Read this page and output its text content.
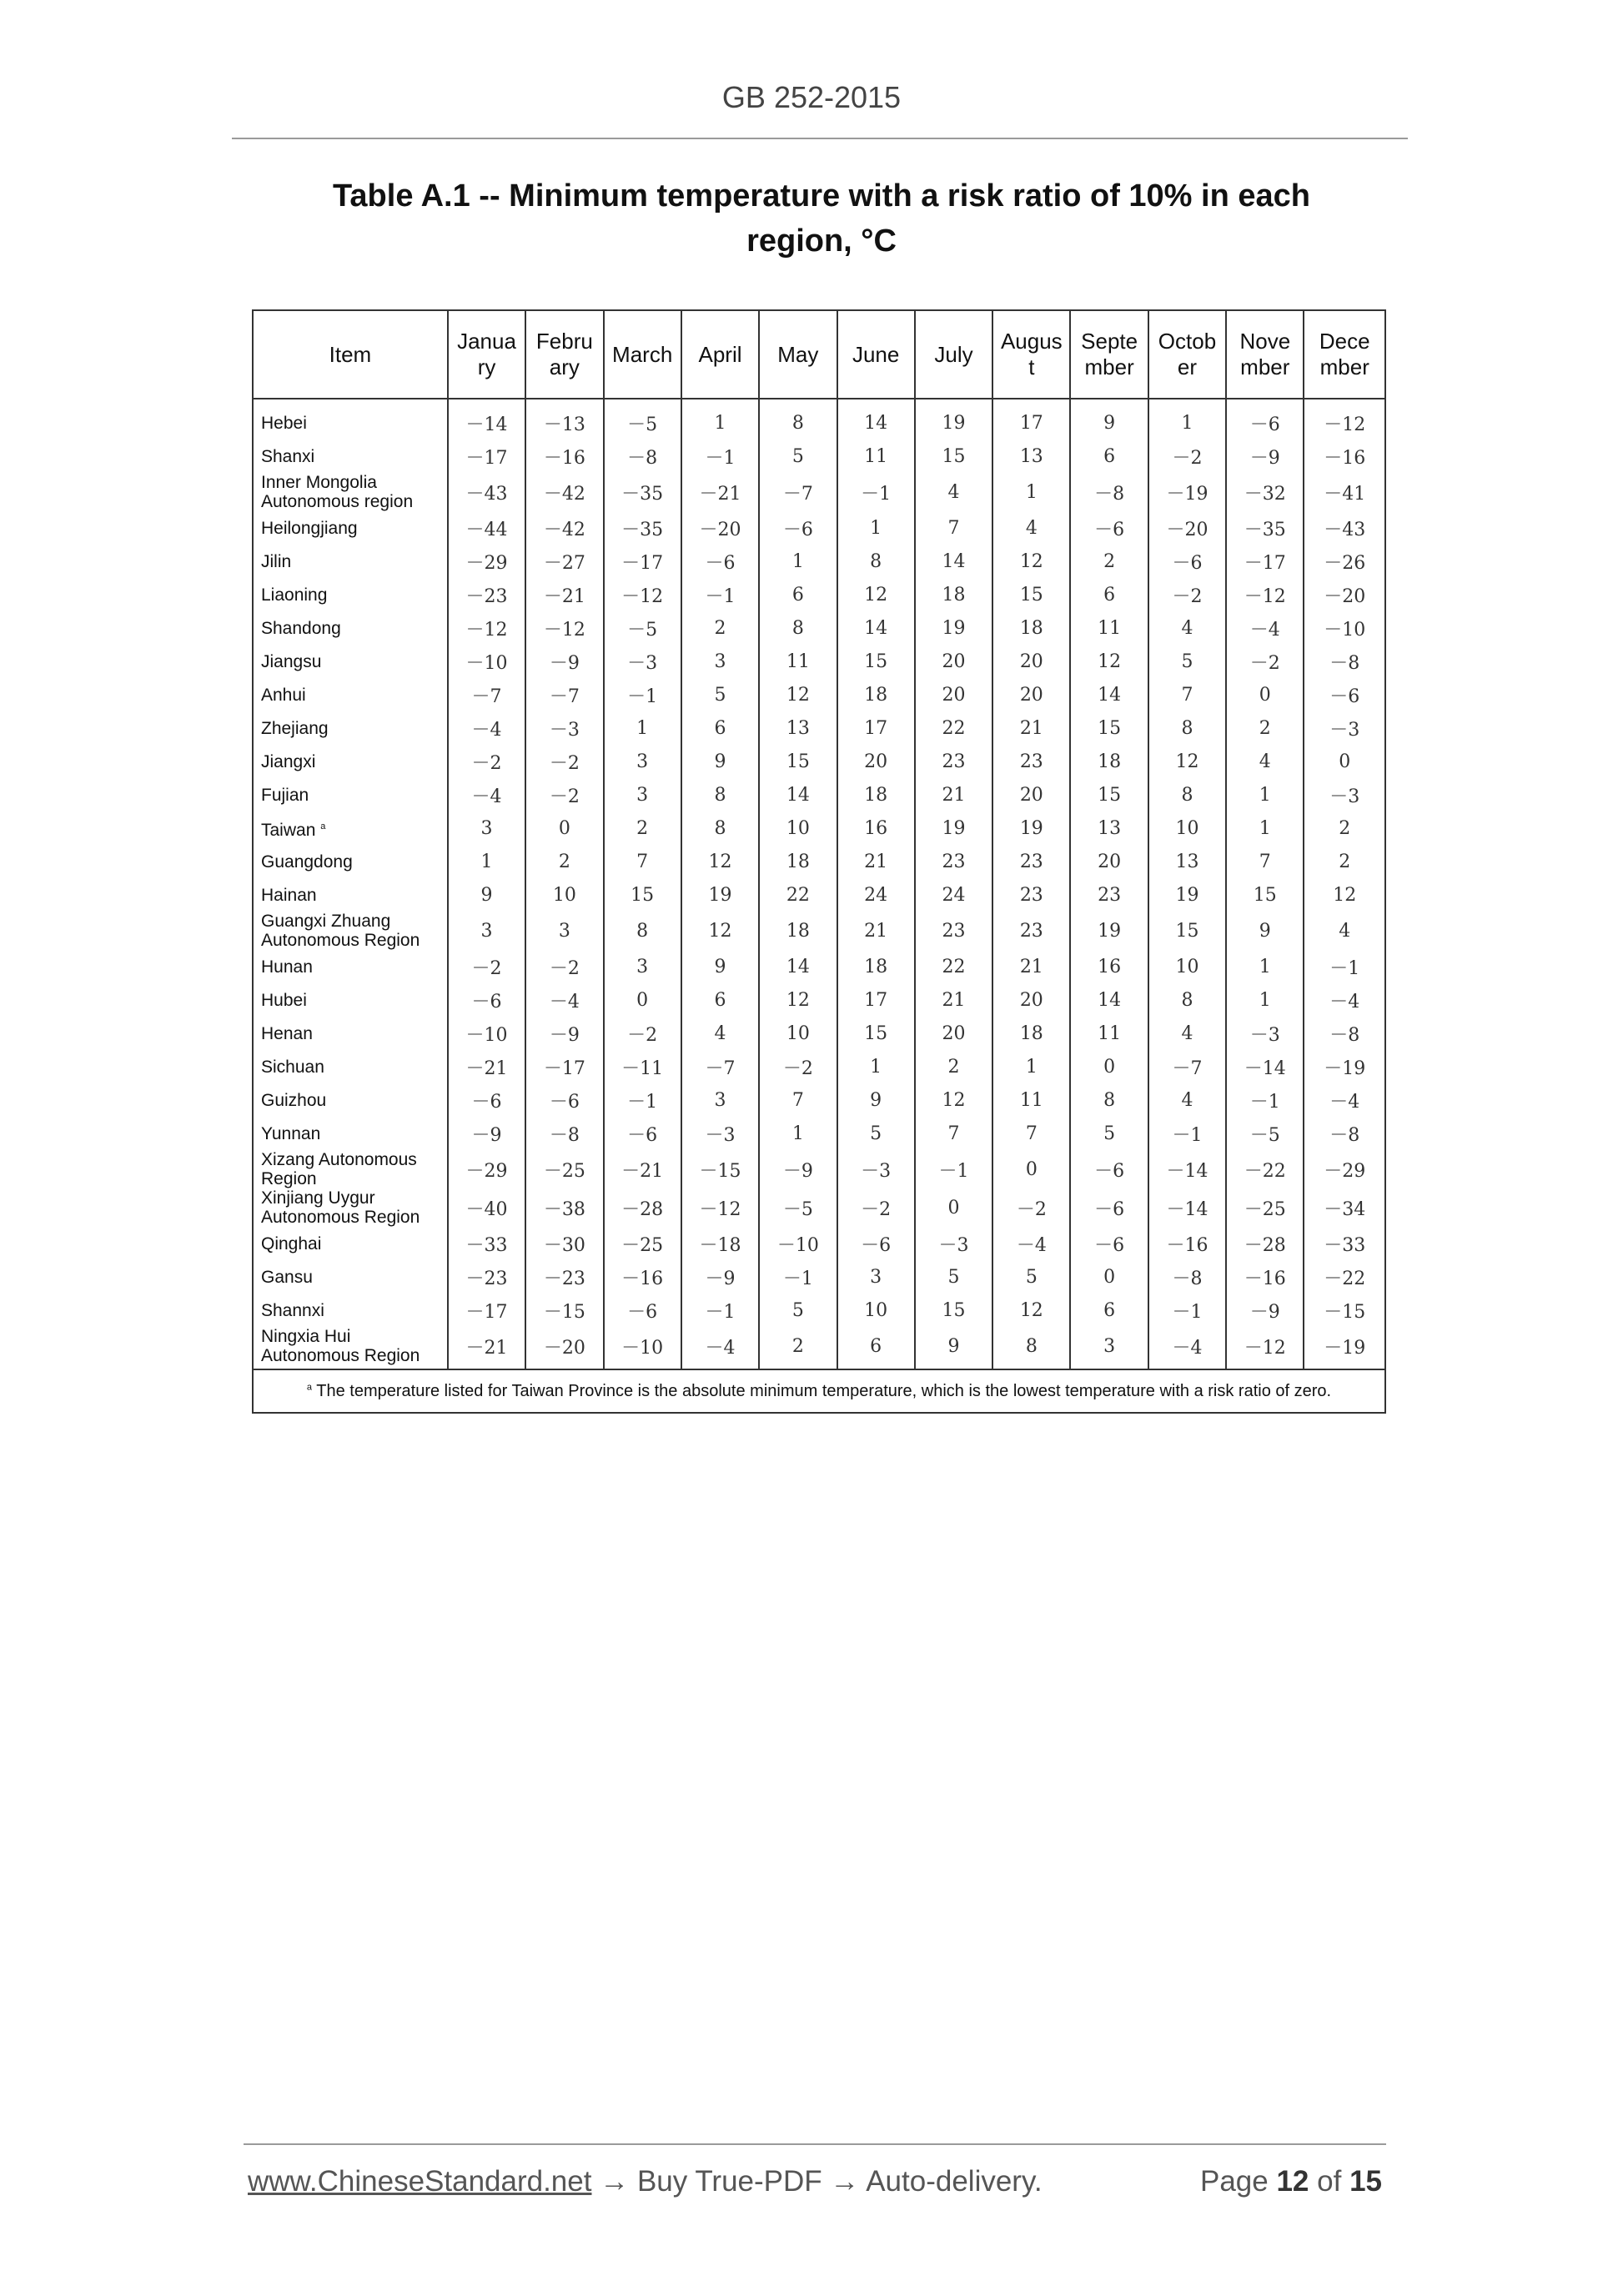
GB 252-2015
Table A.1 -- Minimum temperature with a risk ratio of 10% in each
region, °C
Item	Janua ry	Febru ary	March	April	May	June	July	Augus t	Septe mber	Octob er	Nove mber	Dece mber
Hebei	－14	－13	－5	1	8	14	19	17	9	1	－6	－12
Shanxi	－17	－16	－8	－1	5	11	15	13	6	－2	－9	－16
Inner Mongolia Autonomous region	－43	－42	－35	－21	－7	－1	4	1	－8	－19	－32	－41
Heilongjiang	－44	－42	－35	－20	－6	1	7	4	－6	－20	－35	－43
Jilin	－29	－27	－17	－6	1	8	14	12	2	－6	－17	－26
Liaoning	－23	－21	－12	－1	6	12	18	15	6	－2	－12	－20
Shandong	－12	－12	－5	2	8	14	19	18	11	4	－4	－10
Jiangsu	－10	－9	－3	3	11	15	20	20	12	5	－2	－8
Anhui	－7	－7	－1	5	12	18	20	20	14	7	0	－6
Zhejiang	－4	－3	1	6	13	17	22	21	15	8	2	－3
Jiangxi	－2	－2	3	9	15	20	23	23	18	12	4	0
Fujian	－4	－2	3	8	14	18	21	20	15	8	1	－3
Taiwan $^a$	3	0	2	8	10	16	19	19	13	10	1	2
Guangdong	1	2	7	12	18	21	23	23	20	13	7	2
Hainan	9	10	15	19	22	24	24	23	23	19	15	12
Guangxi Zhuang Autonomous Region	3	3	8	12	18	21	23	23	19	15	9	4
Hunan	－2	－2	3	9	14	18	22	21	16	10	1	－1
Hubei	－6	－4	0	6	12	17	21	20	14	8	1	－4
Henan	－10	－9	－2	4	10	15	20	18	11	4	－3	－8
Sichuan	－21	－17	－11	－7	－2	1	2	1	0	－7	－14	－19
Guizhou	－6	－6	－1	3	7	9	12	11	8	4	－1	－4
Yunnan	－9	－8	－6	－3	1	5	7	7	5	－1	－5	－8
Xizang Autonomous Region	－29	－25	－21	－15	－9	－3	－1	0	－6	－14	－22	－29
Xinjiang Uygur Autonomous Region	－40	－38	－28	－12	－5	－2	0	－2	－6	－14	－25	－34
Qinghai	－33	－30	－25	－18	－10	－6	－3	－4	－6	－16	－28	－33
Gansu	－23	－23	－16	－9	－1	3	5	5	0	－8	－16	－22
Shannxi	－17	－15	－6	－1	5	10	15	12	6	－1	－9	－15
Ningxia Hui Autonomous Region	－21	－20	－10	－4	2	6	9	8	3	－4	－12	－19
$^a$ The temperature listed for Taiwan Province is the absolute minimum temperature, which is the lowest temperature with a risk ratio of zero.												
www.ChineseStandard.net → Buy True-PDF → Auto-delivery.	Page 12 of 15
